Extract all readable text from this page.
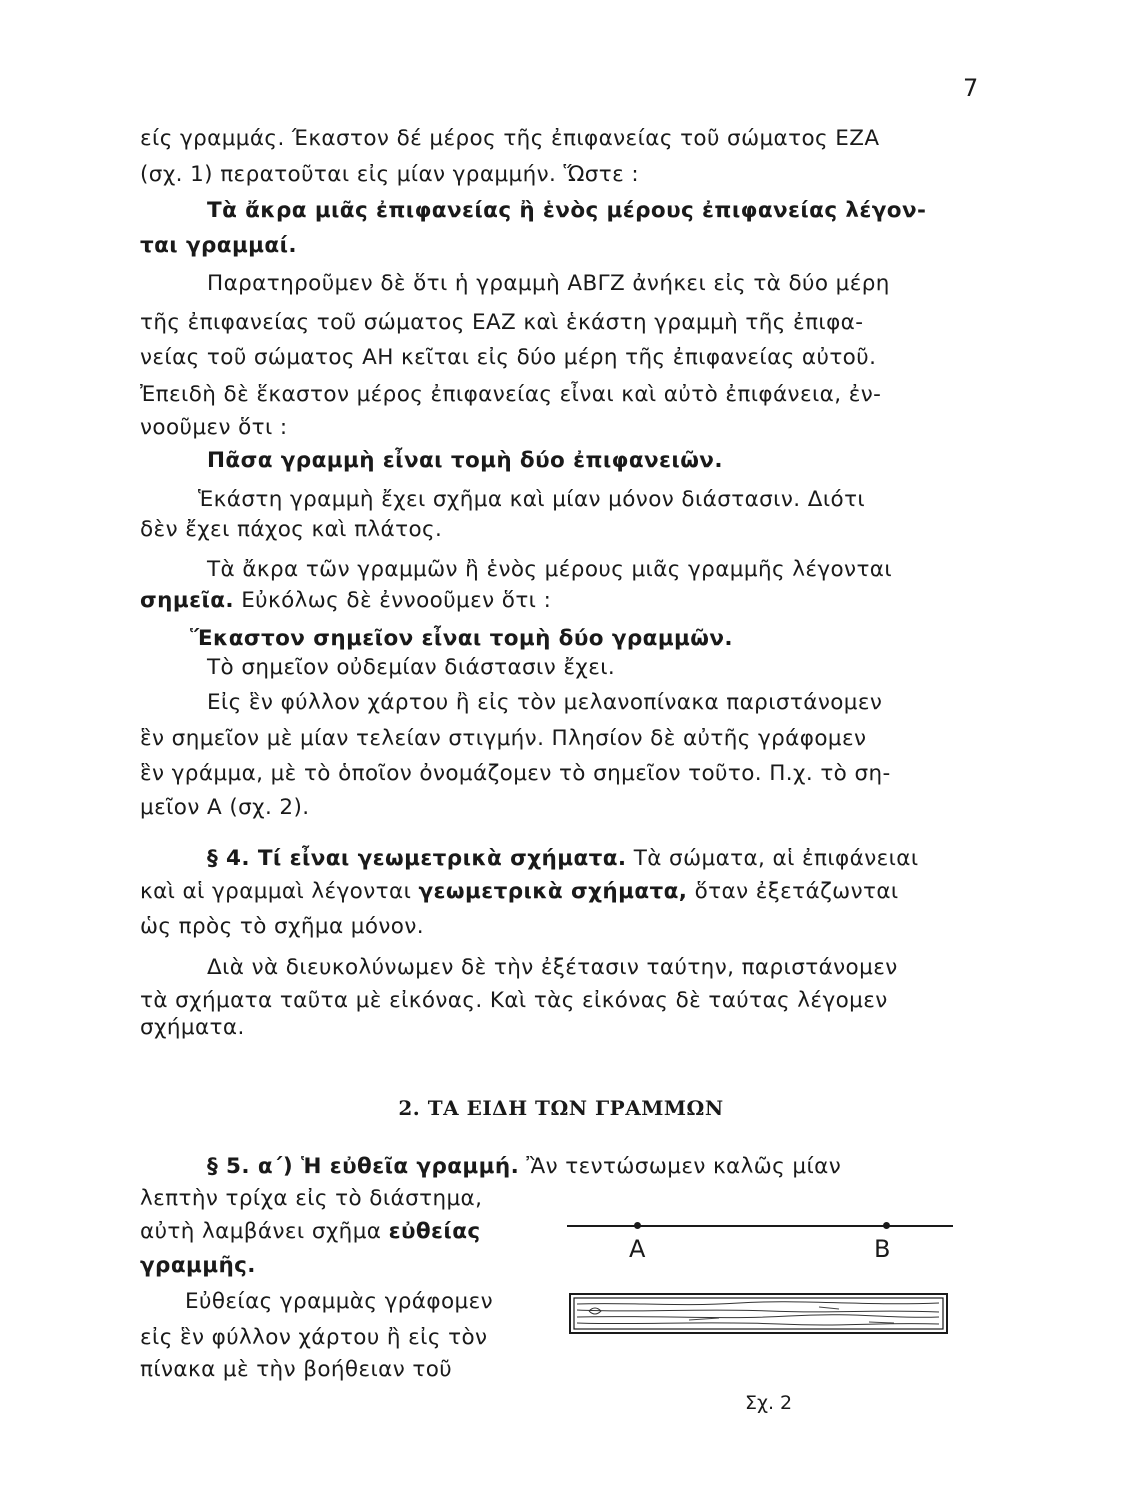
7
είς γραμμάς. Έκαστον δέ μέρος τῆς ἐπιφανείας τοῦ σώματος ΕΖΑ
(σχ. 1) περατοῦται εἰς μίαν γραμμήν. Ὥστε :
Τὰ ἄκρα μιᾶς ἐπιφανείας ἢ ἑνὸς μέρους ἐπιφανείας λέγον-
ται γραμμαί.
Παρατηροῦμεν δὲ ὅτι ἡ γραμμὴ ΑΒΓΖ ἀνήκει εἰς τὰ δύο μέρη
τῆς ἐπιφανείας τοῦ σώματος ΕΑΖ καὶ ἑκάστη γραμμὴ τῆς ἐπιφα-
νείας τοῦ σώματος ΑΗ κεῖται εἰς δύο μέρη τῆς ἐπιφανείας αὐτοῦ.
Ἐπειδὴ δὲ ἕκαστον μέρος ἐπιφανείας εἶναι καὶ αὐτὸ ἐπιφάνεια, ἐν-
νοοῦμεν ὅτι :
Πᾶσα γραμμὴ εἶναι τομὴ δύο ἐπιφανειῶν.
Ἑκάστη γραμμὴ ἔχει σχῆμα καὶ μίαν μόνον διάστασιν. Διότι
δὲν ἔχει πάχος καὶ πλάτος.
Τὰ ἄκρα τῶν γραμμῶν ἢ ἑνὸς μέρους μιᾶς γραμμῆς λέγονται
σημεῖα. Εὐκόλως δὲ ἐννοοῦμεν ὅτι :
Ἕκαστον σημεῖον εἶναι τομὴ δύο γραμμῶν.
Τὸ σημεῖον οὐδεμίαν διάστασιν ἔχει.
Εἰς ἓν φύλλον χάρτου ἢ εἰς τὸν μελανοπίνακα παριστάνομεν
ἓν σημεῖον μὲ μίαν τελείαν στιγμήν. Πλησίον δὲ αὐτῆς γράφομεν
ἓν γράμμα, μὲ τὸ ὁποῖον ὀνομάζομεν τὸ σημεῖον τοῦτο. Π.χ. τὸ ση-
μεῖον Α (σχ. 2).
§ 4. Τί εἶναι γεωμετρικὰ σχήματα. Τὰ σώματα, αἱ ἐπιφάνειαι
καὶ αἱ γραμμαὶ λέγονται γεωμετρικὰ σχήματα, ὅταν ἐξετάζωνται
ὡς πρὸς τὸ σχῆμα μόνον.
Διὰ νὰ διευκολύνωμεν δὲ τὴν ἐξέτασιν ταύτην, παριστάνομεν
τὰ σχήματα ταῦτα μὲ εἰκόνας. Καὶ τὰς εἰκόνας δὲ ταύτας λέγομεν
σχήματα.
2. ΤΑ ΕΙΔΗ ΤΩΝ ΓΡΑΜΜΩΝ
§ 5. α΄) Ἡ εὐθεῖα γραμμή. Ἂν τεντώσωμεν καλῶς μίαν
λεπτὴν τρίχα εἰς τὸ διάστημα,
αὐτὴ λαμβάνει σχῆμα εὐθείας
γραμμῆς.
Εὐθείας γραμμὰς γράφομεν
εἰς ἓν φύλλον χάρτου ἢ εἰς τὸν
πίνακα μὲ τὴν βοήθειαν τοῦ
Α	Β
Σχ. 2
